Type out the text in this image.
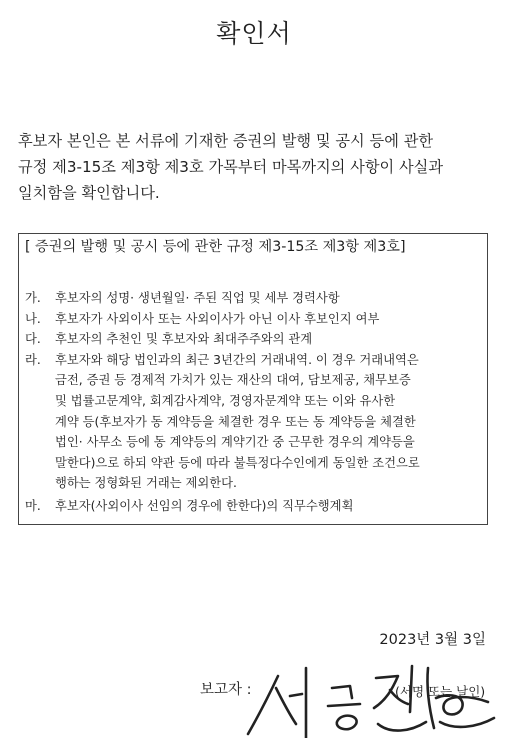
확인서

후보자 본인은 본 서류에 기재한 증권의 발행 및 공시 등에 관한
규정 제3-15조 제3항 제3호 가목부터 마목까지의 사항이 사실과
일치함을 확인합니다.

[ 증권의 발행 및 공시 등에 관한 규정 제3-15조 제3항 제3호]
가. 후보자의 성명· 생년월일· 주된 직업 및 세부 경력사항
나. 후보자가 사외이사 또는 사외이사가 아닌 이사 후보인지 여부
다. 후보자의 추천인 및 후보자와 최대주주와의 관계
라. 후보자와 해당 법인과의 최근 3년간의 거래내역. 이 경우 거래내역은
금전, 증권 등 경제적 가치가 있는 재산의 대여, 담보제공, 채무보증
및 법률고문계약, 회계감사계약, 경영자문계약 또는 이와 유사한
계약 등(후보자가 동 계약등을 체결한 경우 또는 동 계약등을 체결한
법인· 사무소 등에 동 계약등의 계약기간 중 근무한 경우의 계약등을
말한다)으로 하되 약관 등에 따라 불특정다수인에게 동일한 조건으로
행하는 정형화된 거래는 제외한다.
마. 후보자(사외이사 선임의 경우에 한한다)의 직무수행계획
2023년 3월 3일
보고자 :	(서명 또는 날인)
